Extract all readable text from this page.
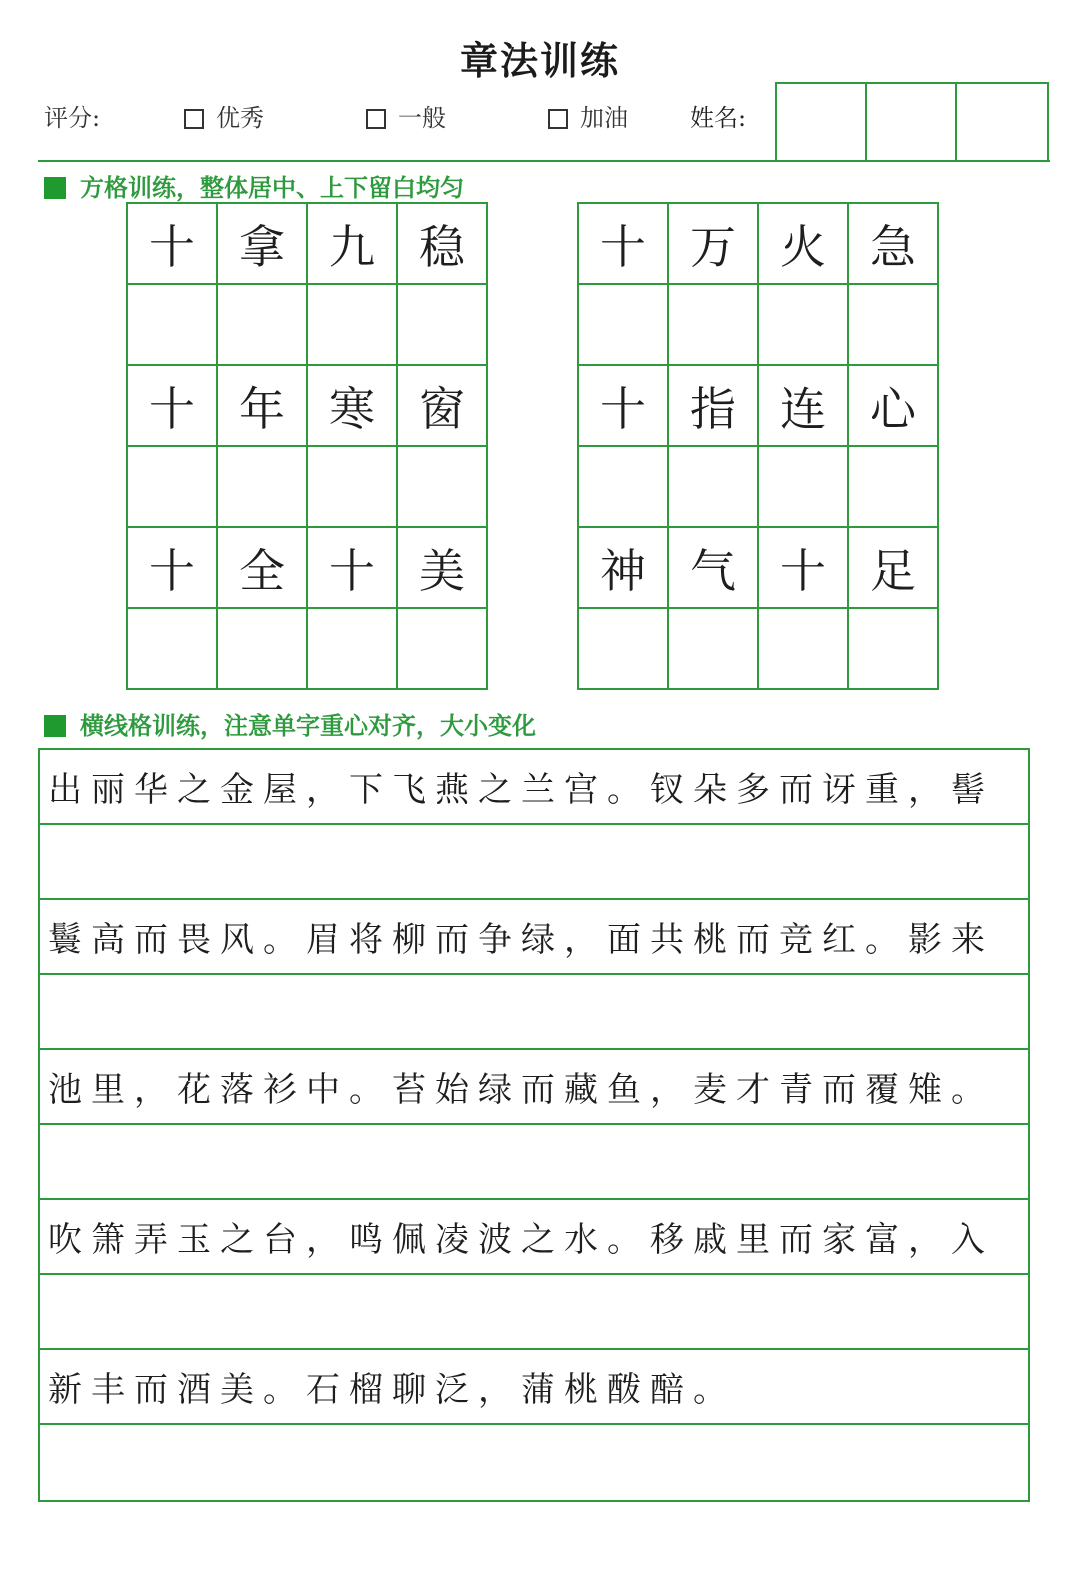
章法训练
评分:	优秀	一般	加油	姓名:
方格训练，整体居中、上下留白均匀
十 拿 九 稳
十 年 寒 窗
十 全 十 美
十 万 火 急
十 指 连 心
神 气 十 足
横线格训练，注意单字重心对齐，大小变化
出丽华之金屋，下飞燕之兰宫。钗朵多而讶重，髻
鬟高而畏风。眉将柳而争绿，面共桃而竞红。影来
池里，花落衫中。苔始绿而藏鱼，麦才青而覆雉。
吹箫弄玉之台，鸣佩凌波之水。移戚里而家富，入
新丰而酒美。石榴聊泛，蒲桃酦醅。
